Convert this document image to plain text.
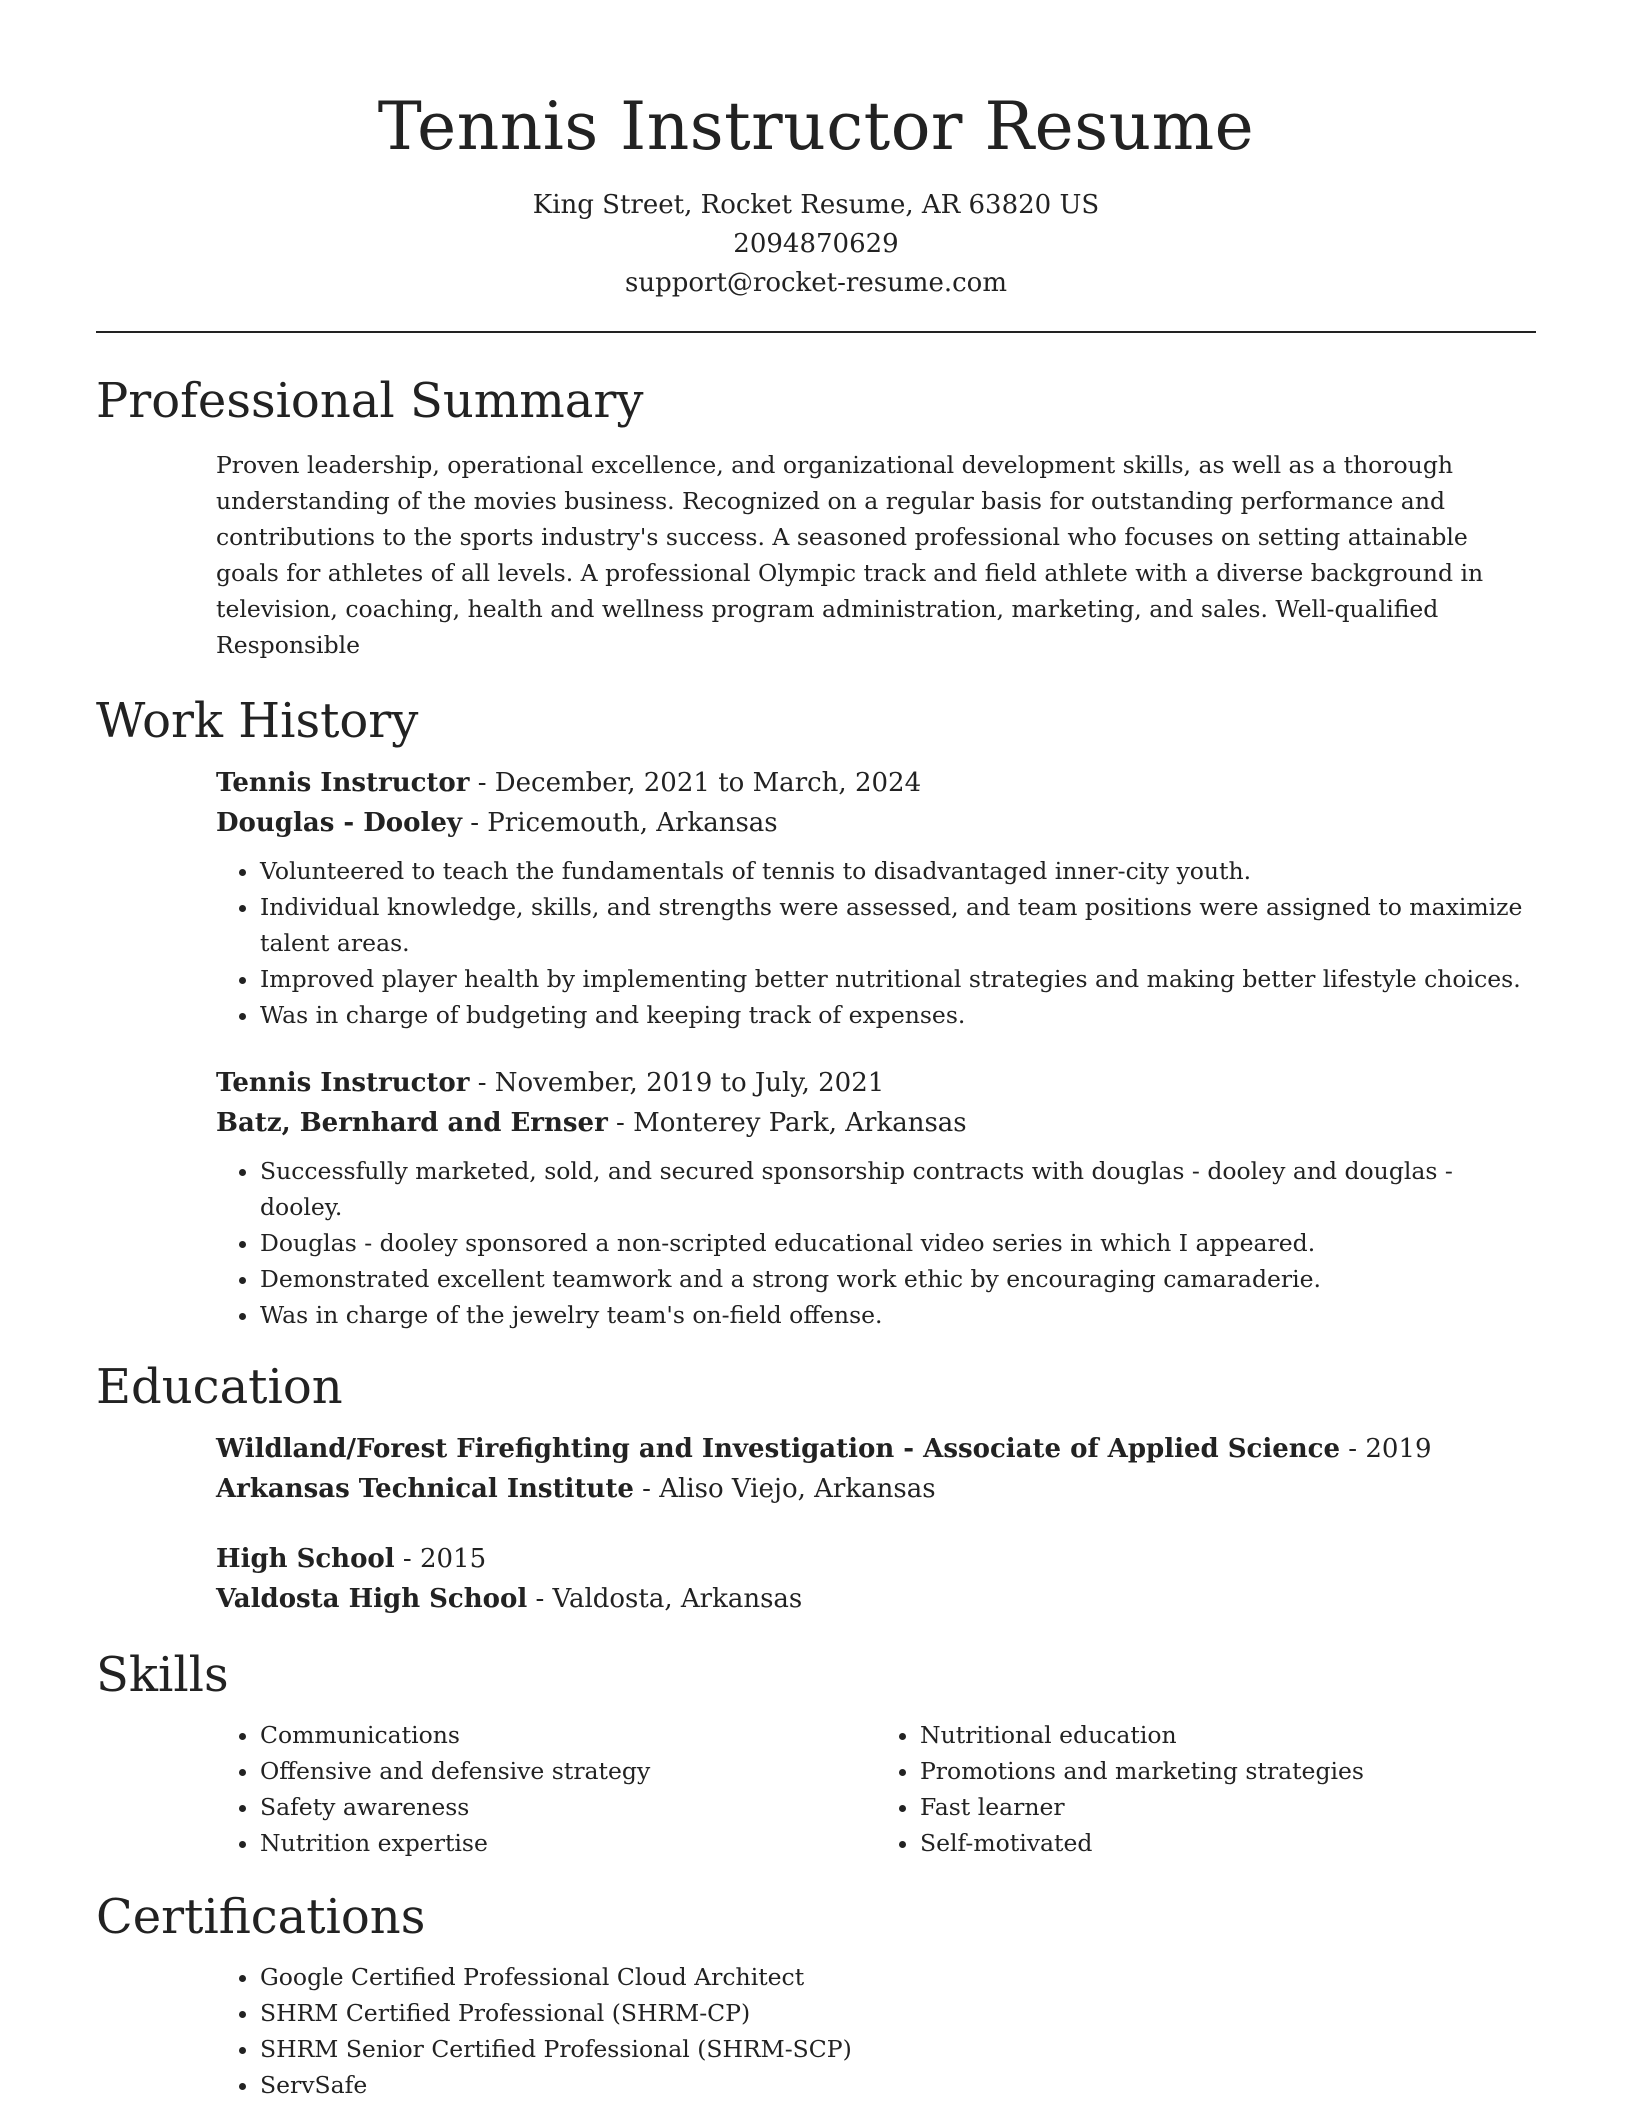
Tennis Instructor Resume
King Street, Rocket Resume, AR 63820 US
2094870629
support@rocket-resume.com
Professional Summary

Proven leadership, operational excellence, and organizational development skills, as well as a thorough understanding of the movies business. Recognized on a regular basis for outstanding performance and contributions to the sports industry's success. A seasoned professional who focuses on setting attainable goals for athletes of all levels. A professional Olympic track and field athlete with a diverse background in television, coaching, health and wellness program administration, marketing, and sales. Well-qualified Responsible

Work History
Tennis Instructor - December, 2021 to March, 2024
Douglas - Dooley - Pricemouth, Arkansas
• Volunteered to teach the fundamentals of tennis to disadvantaged inner-city youth.
• Individual knowledge, skills, and strengths were assessed, and team positions were assigned to maximize talent areas.
• Improved player health by implementing better nutritional strategies and making better lifestyle choices.
• Was in charge of budgeting and keeping track of expenses.
Tennis Instructor - November, 2019 to July, 2021
Batz, Bernhard and Ernser - Monterey Park, Arkansas
• Successfully marketed, sold, and secured sponsorship contracts with douglas - dooley and douglas - dooley.
• Douglas - dooley sponsored a non-scripted educational video series in which I appeared.
• Demonstrated excellent teamwork and a strong work ethic by encouraging camaraderie.
• Was in charge of the jewelry team's on-field offense.
Education
Wildland/Forest Firefighting and Investigation - Associate of Applied Science - 2019
Arkansas Technical Institute - Aliso Viejo, Arkansas
High School - 2015
Valdosta High School - Valdosta, Arkansas
Skills
• Communications
• Offensive and defensive strategy
• Safety awareness
• Nutrition expertise
• Nutritional education
• Promotions and marketing strategies
• Fast learner
• Self-motivated
Certifications
• Google Certified Professional Cloud Architect
• SHRM Certified Professional (SHRM-CP)
• SHRM Senior Certified Professional (SHRM-SCP)
• ServSafe
